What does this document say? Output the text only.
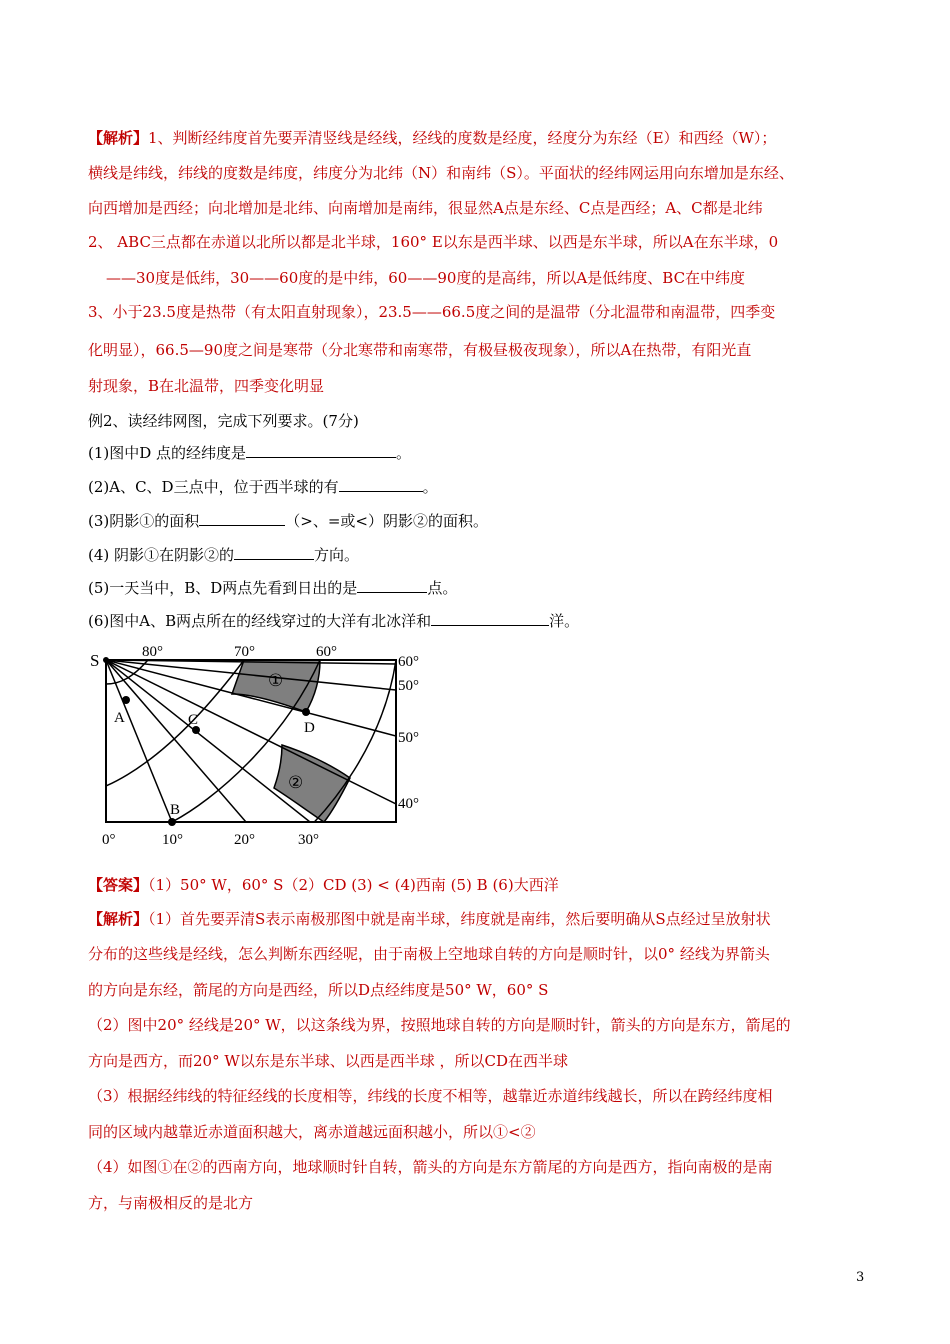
【解析】1、判断经纬度首先要弄清竖线是经线，经线的度数是经度，经度分为东经（E）和西经（W）；
横线是纬线，纬线的度数是纬度，纬度分为北纬（N）和南纬（S）。平面状的经纬网运用向东增加是东经、
向西增加是西经；向北增加是北纬、向南增加是南纬，很显然A点是东经、C点是西经；A、C都是北纬
2、 ABC三点都在赤道以北所以都是北半球，160° E以东是西半球、以西是东半球，所以A在东半球，0
——30度是低纬，30——60度的是中纬，60——90度的是高纬，所以A是低纬度、BC在中纬度
3、小于23.5度是热带（有太阳直射现象），23.5——66.5度之间的是温带（分北温带和南温带，四季变
化明显），66.5—90度之间是寒带（分北寒带和南寒带，有极昼极夜现象），所以A在热带，有阳光直
射现象，B在北温带，四季变化明显
例2、读经纬网图，完成下列要求。(7分)
(1)图中D 点的经纬度是	。
(2)A、C、D三点中，位于西半球的有	。
(3)阴影①的面积	（>、=或<）阴影②的面积。
(4) 阴影①在阴影②的	方向。
(5)一天当中，B、D两点先看到日出的是	点。
(6)图中A、B两点所在的经线穿过的大洋有北冰洋和	洋。
S	80°	70°	60°
60°
50°
50°
40°
0°	10°	20°	30°
A
B
C	D
①
②
【答案】（1）50° W，60° S（2）CD (3) < (4)西南 (5) B (6)大西洋
【解析】（1）首先要弄清S表示南极那图中就是南半球，纬度就是南纬，然后要明确从S点经过呈放射状
分布的这些线是经线，怎么判断东西经呢，由于南极上空地球自转的方向是顺时针，以0° 经线为界箭头
的方向是东经，箭尾的方向是西经，所以D点经纬度是50° W，60° S
（2）图中20° 经线是20° W，以这条线为界，按照地球自转的方向是顺时针，箭头的方向是东方，箭尾的
方向是西方，而20° W以东是东半球、以西是西半球 ，所以CD在西半球
（3）根据经纬线的特征经线的长度相等，纬线的长度不相等，越靠近赤道纬线越长，所以在跨经纬度相
同的区域内越靠近赤道面积越大，离赤道越远面积越小，所以①<②
（4）如图①在②的西南方向，地球顺时针自转，箭头的方向是东方箭尾的方向是西方，指向南极的是南
方，与南极相反的是北方
3
